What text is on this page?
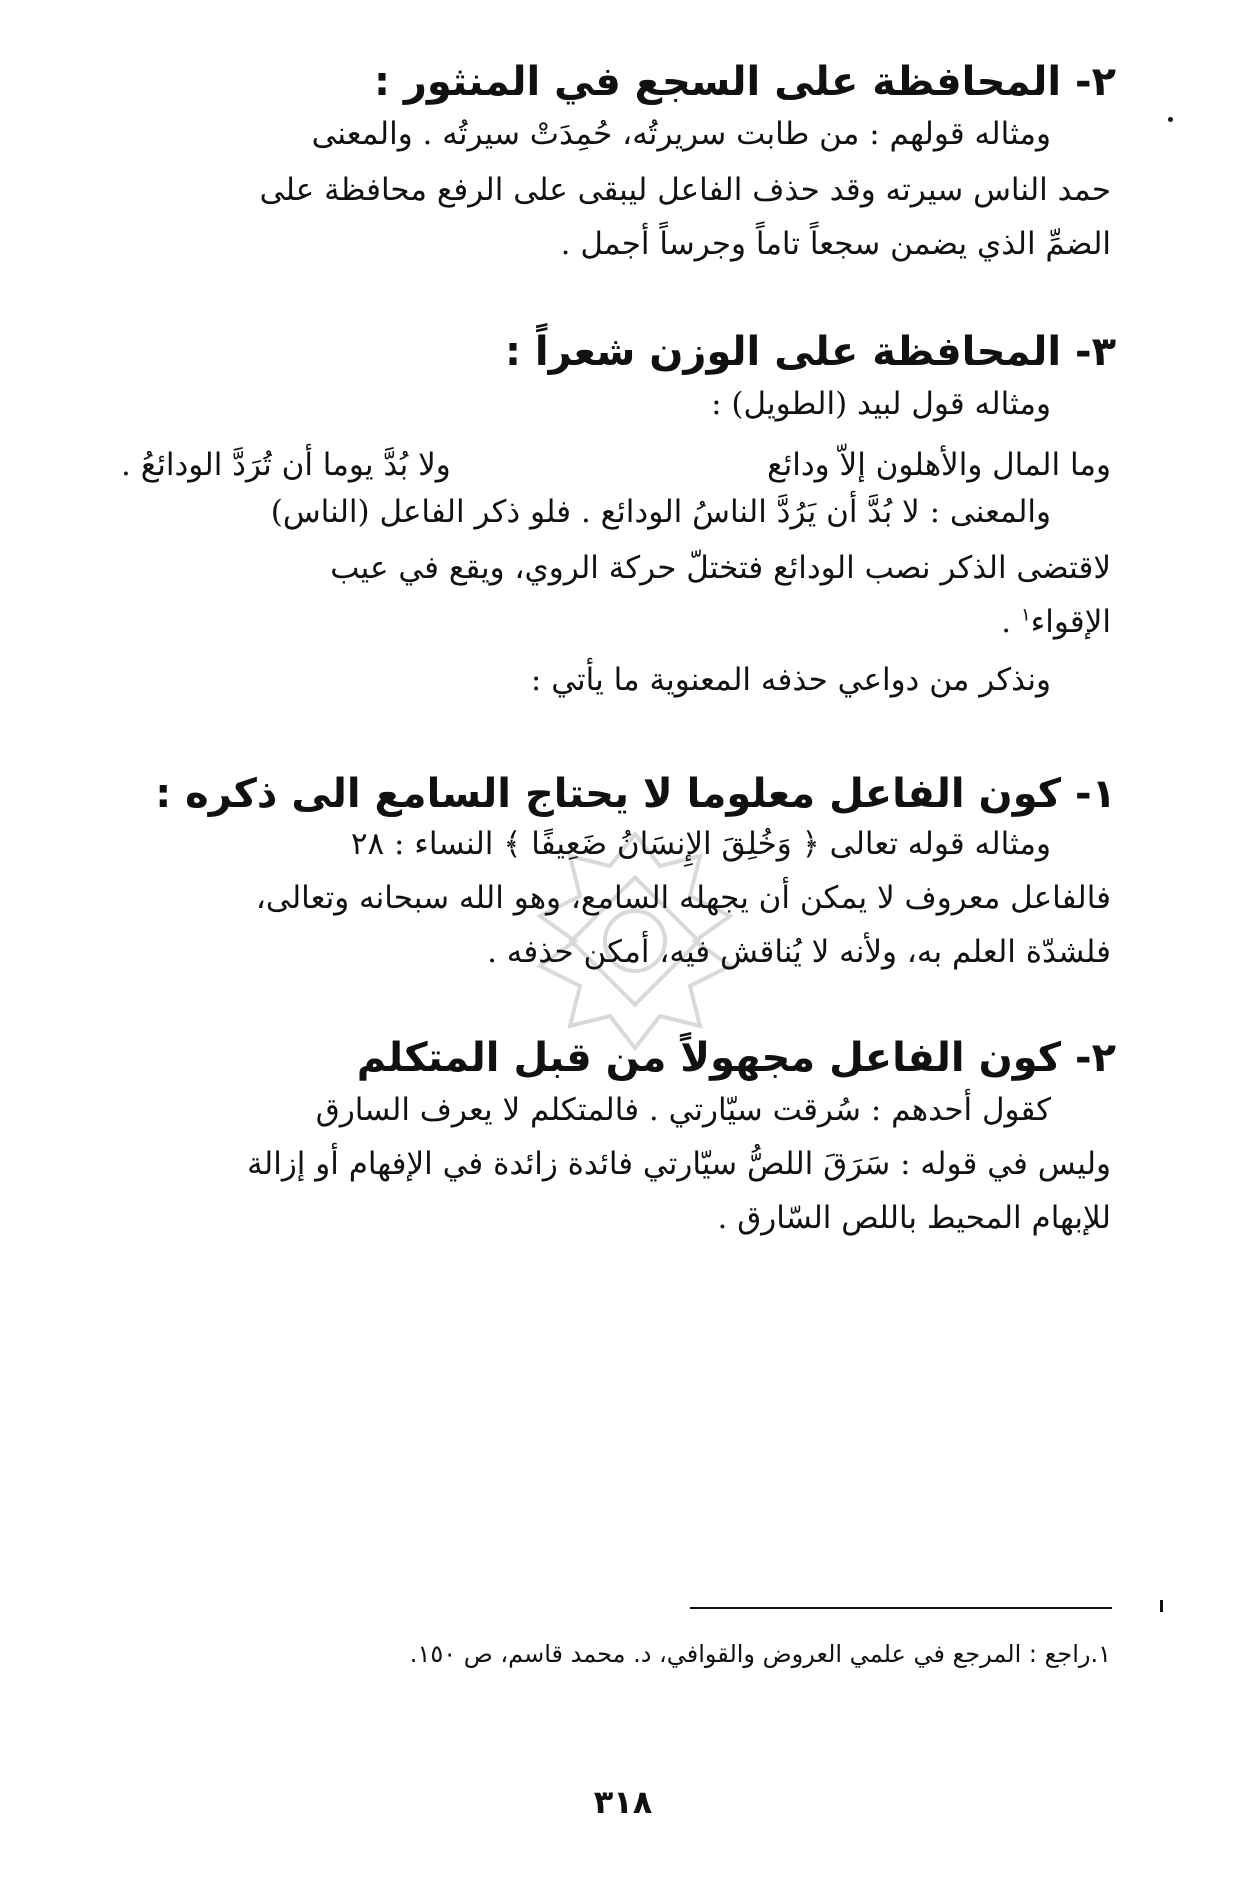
٢- المحافظة على السجع في المنثور :
ومثاله قولهم : من طابت سريرتُه، حُمِدَتْ سيرتُه . والمعنى
حمد الناس سيرته وقد حذف الفاعل ليبقى على الرفع محافظة على
الضمِّ الذي يضمن سجعاً تاماً وجرساً أجمل .
٣- المحافظة على الوزن شعراً :
ومثاله قول لبيد (الطويل) :
وما المال والأهلون إلاّ ودائع
ولا بُدَّ يوما أن تُرَدَّ الودائعُ .
والمعنى : لا بُدَّ أن يَرُدَّ الناسُ الودائع . فلو ذكر الفاعل (الناس)
لاقتضى الذكر نصب الودائع فتختلّ حركة الروي، ويقع في عيب
الإقواء$^١$ .
ونذكر من دواعي حذفه المعنوية ما يأتي :
١- كون الفاعل معلوما لا يحتاج السامع الى ذكره :
ومثاله قوله تعالى ﴿ وَخُلِقَ الإِنسَانُ ضَعِيفًا ﴾ النساء : ٢٨
فالفاعل معروف لا يمكن أن يجهله السامع، وهو الله سبحانه وتعالى،
فلشدّة العلم به، ولأنه لا يُناقش فيه، أمكن حذفه .
٢- كون الفاعل مجهولاً من قبل المتكلم
كقول أحدهم : سُرقت سيّارتي . فالمتكلم لا يعرف السارق
وليس في قوله : سَرَقَ اللصُّ سيّارتي فائدة زائدة في الإفهام أو إزالة
للإبهام المحيط باللص السّارق .
١.راجع : المرجع في علمي العروض والقوافي، د. محمد قاسم، ص ١٥٠.
٣١٨
